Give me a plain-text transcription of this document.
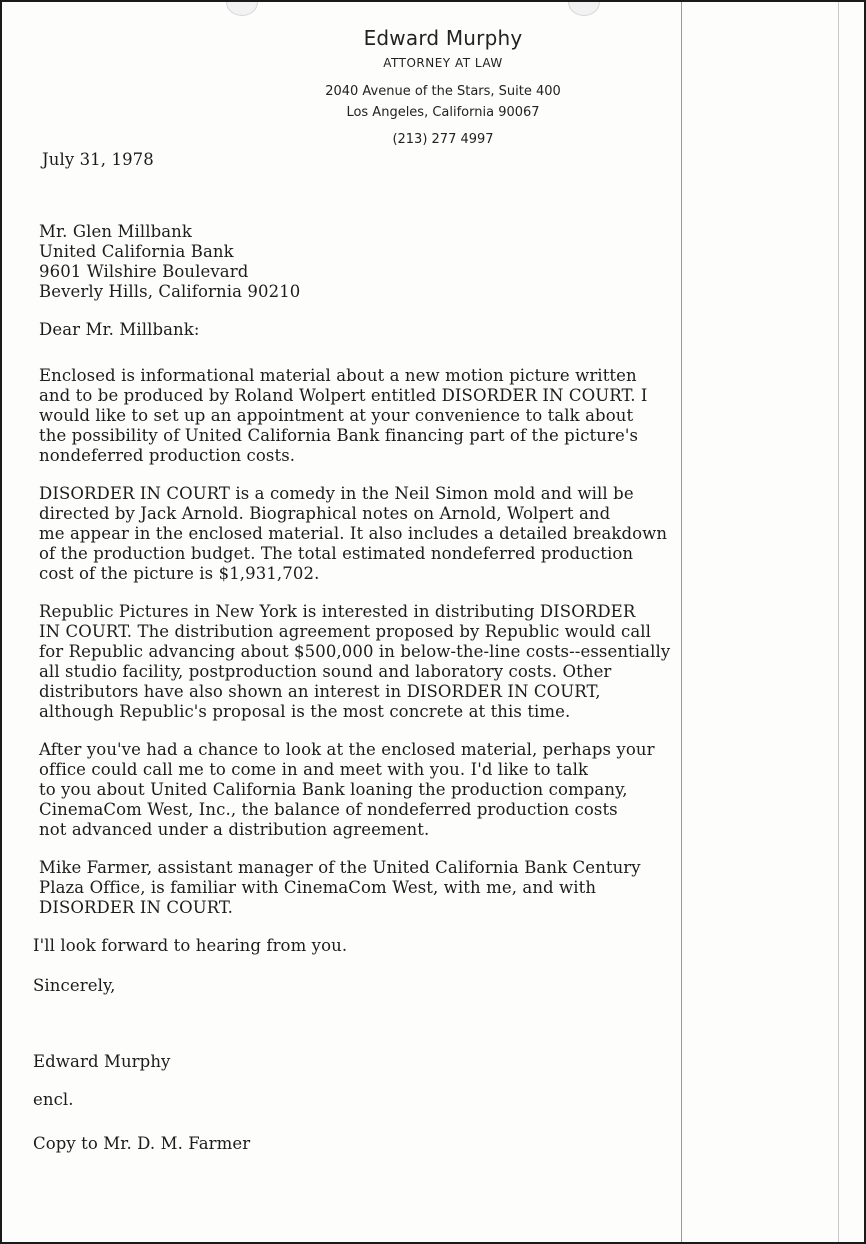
Edward Murphy
ATTORNEY AT LAW
2040 Avenue of the Stars, Suite 400
Los Angeles, California 90067
(213) 277 4997

July 31, 1978

Mr. Glen Millbank

United California Bank

9601 Wilshire Boulevard

Beverly Hills, California 90210

Dear Mr. Millbank:

Enclosed is informational material about a new motion picture written

and to be produced by Roland Wolpert entitled DISORDER IN COURT. I

would like to set up an appointment at your convenience to talk about

the possibility of United California Bank financing part of the picture's

nondeferred production costs.

DISORDER IN COURT is a comedy in the Neil Simon mold and will be

directed by Jack Arnold. Biographical notes on Arnold, Wolpert and

me appear in the enclosed material. It also includes a detailed breakdown

of the production budget. The total estimated nondeferred production

cost of the picture is $1,931,702.

Republic Pictures in New York is interested in distributing DISORDER

IN COURT. The distribution agreement proposed by Republic would call

for Republic advancing about $500,000 in below-the-line costs--essentially

all studio facility, postproduction sound and laboratory costs. Other

distributors have also shown an interest in DISORDER IN COURT,

although Republic's proposal is the most concrete at this time.

After you've had a chance to look at the enclosed material, perhaps your

office could call me to come in and meet with you. I'd like to talk

to you about United California Bank loaning the production company,

CinemaCom West, Inc., the balance of nondeferred production costs

not advanced under a distribution agreement.

Mike Farmer, assistant manager of the United California Bank Century

Plaza Office, is familiar with CinemaCom West, with me, and with

DISORDER IN COURT.

I'll look forward to hearing from you.

Sincerely,

Edward Murphy

encl.

Copy to Mr. D. M. Farmer
